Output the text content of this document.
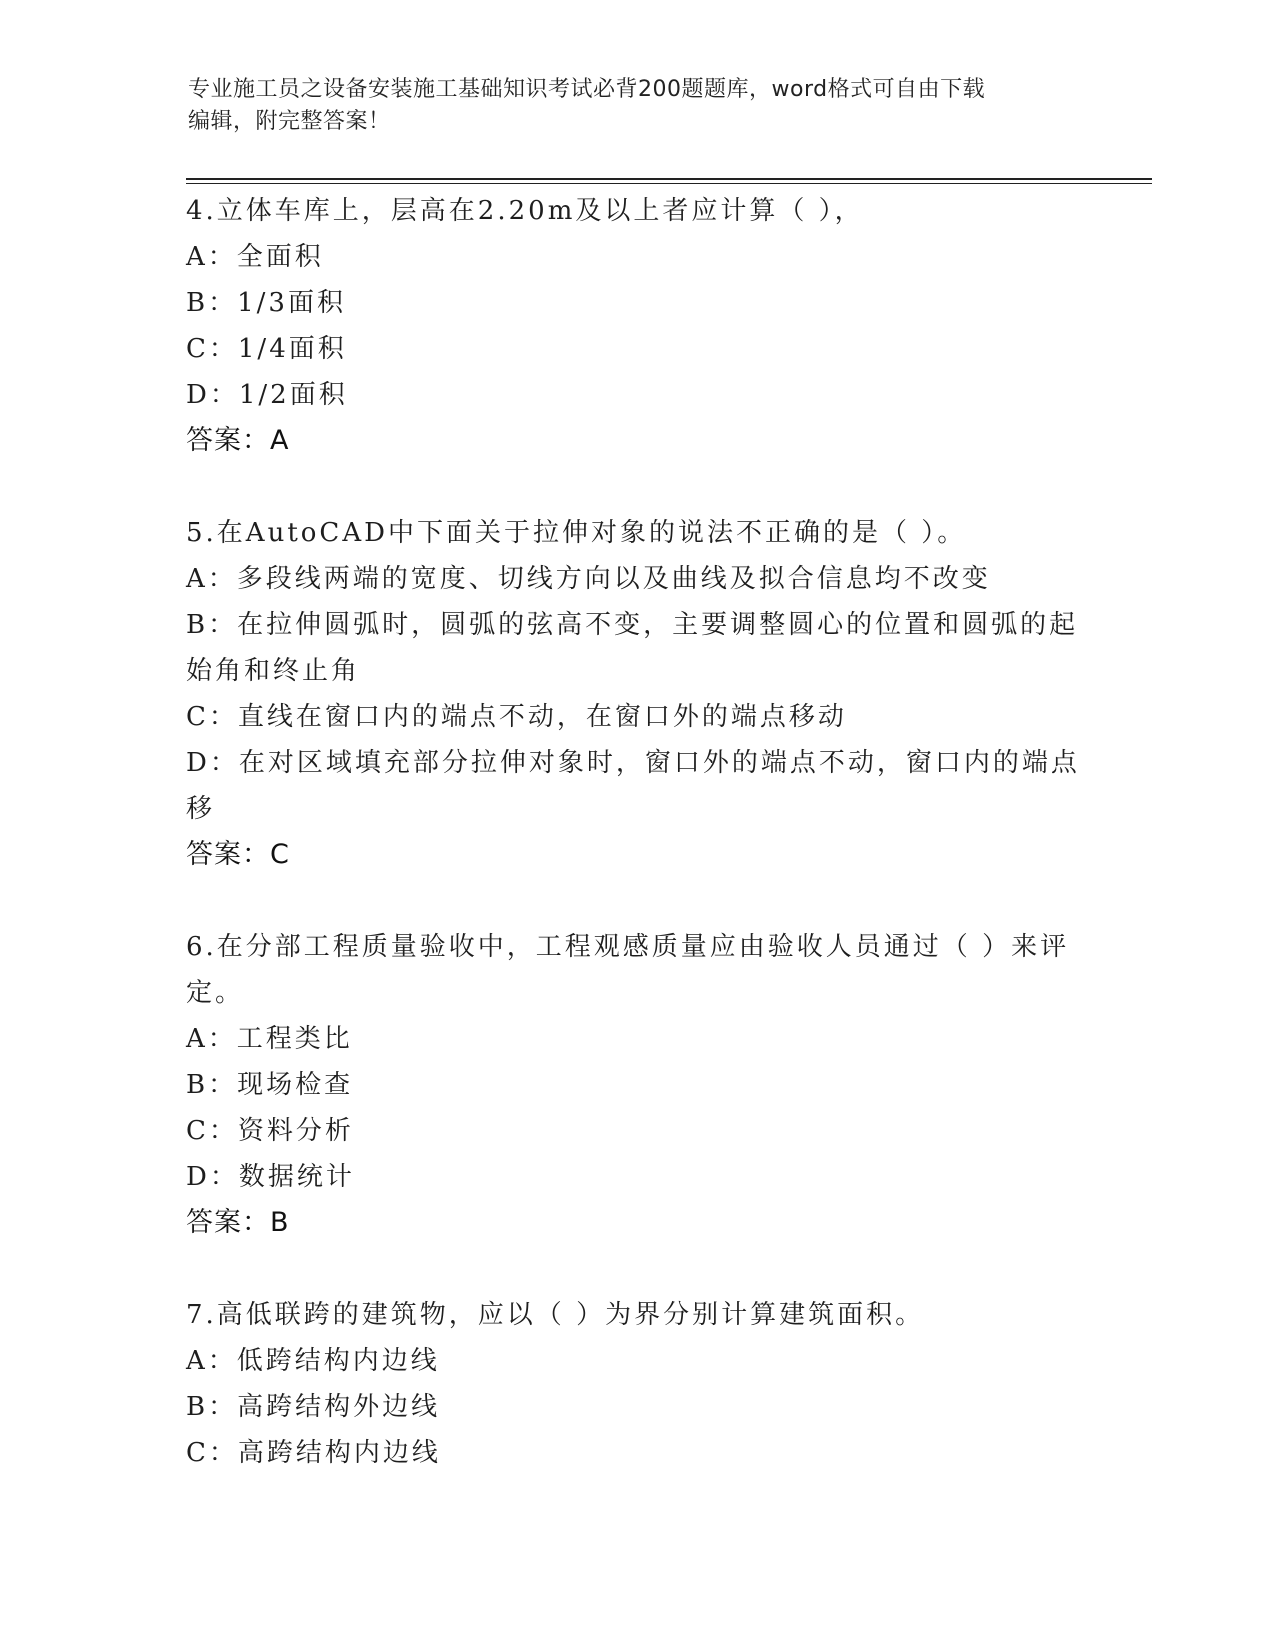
专业施工员之设备安装施工基础知识考试必背200题题库，word格式可自由下载
编辑，附完整答案！
4.立体车库上，层高在2.20m及以上者应计算（ ），
A：全面积
B：1/3面积
C：1/4面积
D：1/2面积
答案：A
5.在AutoCAD中下面关于拉伸对象的说法不正确的是（ ）。
A：多段线两端的宽度、切线方向以及曲线及拟合信息均不改变
B：在拉伸圆弧时，圆弧的弦高不变，主要调整圆心的位置和圆弧的起
始角和终止角
C：直线在窗口内的端点不动，在窗口外的端点移动
D：在对区域填充部分拉伸对象时，窗口外的端点不动，窗口内的端点
移
答案：C
6.在分部工程质量验收中，工程观感质量应由验收人员通过（ ）来评
定。
A：工程类比
B：现场检查
C：资料分析
D：数据统计
答案：B
7.高低联跨的建筑物，应以（ ）为界分别计算建筑面积。
A：低跨结构内边线
B：高跨结构外边线
C：高跨结构内边线
